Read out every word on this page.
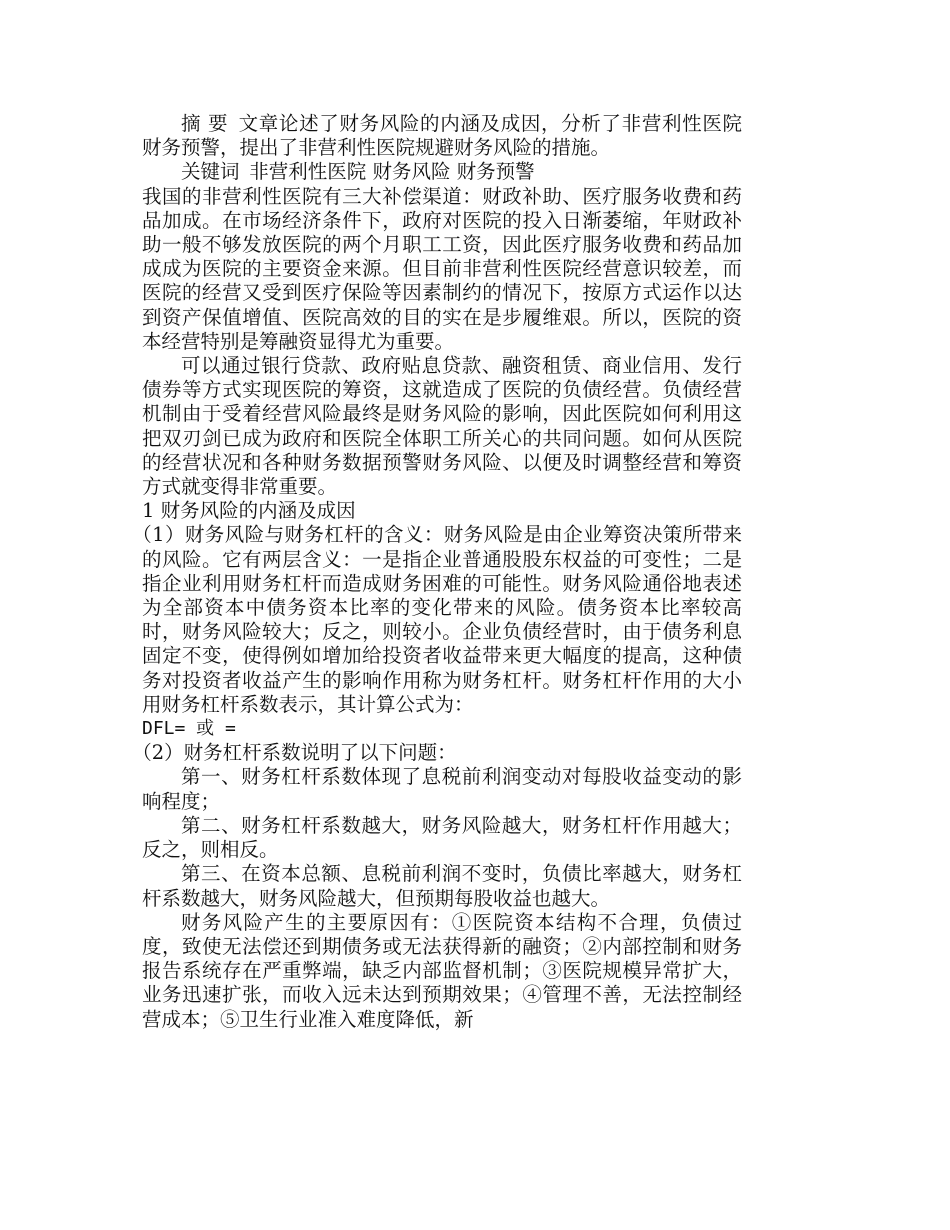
摘 要 文章论述了财务风险的内涵及成因，分析了非营利性医院财务预警，提出了非营利性医院规避财务风险的措施。

关键词 非营利性医院 财务风险 财务预警

我国的非营利性医院有三大补偿渠道：财政补助、医疗服务收费和药品加成。在市场经济条件下，政府对医院的投入日渐萎缩，年财政补助一般不够发放医院的两个月职工工资，因此医疗服务收费和药品加成成为医院的主要资金来源。但目前非营利性医院经营意识较差，而医院的经营又受到医疗保险等因素制约的情况下，按原方式运作以达到资产保值增值、医院高效的目的实在是步履维艰。所以，医院的资本经营特别是筹融资显得尤为重要。

可以通过银行贷款、政府贴息贷款、融资租赁、商业信用、发行债券等方式实现医院的筹资，这就造成了医院的负债经营。负债经营机制由于受着经营风险最终是财务风险的影响，因此医院如何利用这把双刃剑已成为政府和医院全体职工所关心的共同问题。如何从医院的经营状况和各种财务数据预警财务风险、以便及时调整经营和筹资方式就变得非常重要。

1 财务风险的内涵及成因

（1）财务风险与财务杠杆的含义：财务风险是由企业筹资决策所带来的风险。它有两层含义：一是指企业普通股股东权益的可变性；二是指企业利用财务杠杆而造成财务困难的可能性。财务风险通俗地表述为全部资本中债务资本比率的变化带来的风险。债务资本比率较高时，财务风险较大；反之，则较小。企业负债经营时，由于债务利息固定不变，使得例如增加给投资者收益带来更大幅度的提高，这种债务对投资者收益产生的影响作用称为财务杠杆。财务杠杆作用的大小用财务杠杆系数表示，其计算公式为：

DFL= 或 =

（2）财务杠杆系数说明了以下问题：

第一、财务杠杆系数体现了息税前利润变动对每股收益变动的影响程度；

第二、财务杠杆系数越大，财务风险越大，财务杠杆作用越大；反之，则相反。

第三、在资本总额、息税前利润不变时，负债比率越大，财务杠杆系数越大，财务风险越大，但预期每股收益也越大。

财务风险产生的主要原因有：①医院资本结构不合理，负债过度，致使无法偿还到期债务或无法获得新的融资；②内部控制和财务报告系统存在严重弊端，缺乏内部监督机制；③医院规模异常扩大，业务迅速扩张，而收入远未达到预期效果；④管理不善，无法控制经营成本；⑤卫生行业准入难度降低，新
